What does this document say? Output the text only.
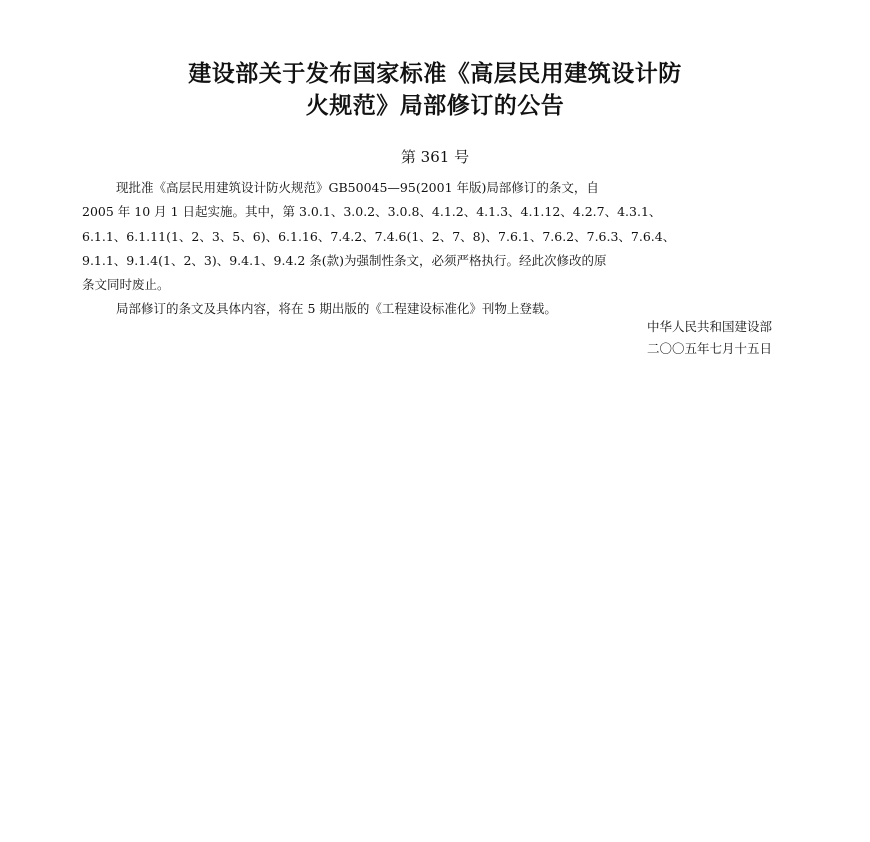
建设部关于发布国家标准《高层民用建筑设计防
火规范》局部修订的公告
第 361 号
现批准《高层民用建筑设计防火规范》GB50045—95(2001 年版)局部修订的条文，自
2005 年 10 月 1 日起实施。其中，第 3.0.1、3.0.2、3.0.8、4.1.2、4.1.3、4.1.12、4.2.7、4.3.1、
6.1.1、6.1.11(1、2、3、5、6)、6.1.16、7.4.2、7.4.6(1、2、7、8)、7.6.1、7.6.2、7.6.3、7.6.4、
9.1.1、9.1.4(1、2、3)、9.4.1、9.4.2 条(款)为强制性条文，必须严格执行。经此次修改的原
条文同时废止。
局部修订的条文及具体内容，将在 5 期出版的《工程建设标准化》刊物上登载。
中华人民共和国建设部
二〇〇五年七月十五日
